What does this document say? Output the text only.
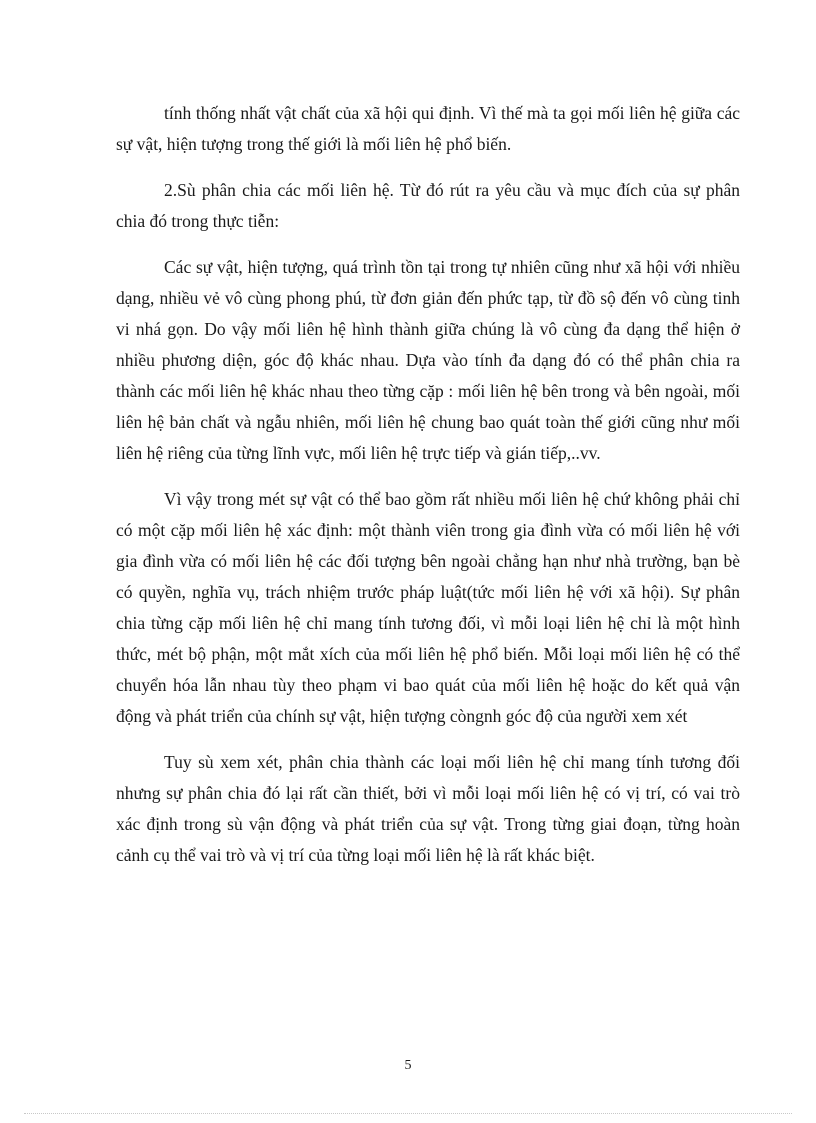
tính thống nhất vật chất của xã hội qui định. Vì thế mà ta gọi mối liên hệ giữa các sự vật, hiện tượng trong thế giới là mối liên hệ phổ biến.

2.Sù phân chia các mối liên hệ. Từ đó rút ra yêu cầu và mục đích của sự phân chia đó trong thực tiễn:

Các sự vật, hiện tượng, quá trình tồn tại trong tự nhiên cũng như xã hội với nhiều dạng, nhiều vẻ vô cùng phong phú, từ đơn giản đến phức tạp, từ đồ sộ đến vô cùng tinh vi nhá gọn. Do vậy mối liên hệ hình thành giữa chúng là vô cùng đa dạng thể hiện ở nhiều phương diện, góc độ khác nhau. Dựa vào tính đa dạng đó có thể phân chia ra thành các mối liên hệ khác nhau theo từng cặp : mối liên hệ bên trong và bên ngoài, mối liên hệ bản chất và ngẫu nhiên, mối liên hệ chung bao quát toàn thế giới cũng như mối liên hệ riêng của từng lĩnh vực, mối liên hệ trực tiếp và gián tiếp,..vv.

Vì vậy trong mét sự vật có thể bao gồm rất nhiều mối liên hệ chứ không phải chỉ có một cặp mối liên hệ xác định: một thành viên trong gia đình vừa có mối liên hệ với gia đình vừa có mối liên hệ các đối tượng bên ngoài chẳng hạn như nhà trường, bạn bè có quyền, nghĩa vụ, trách nhiệm trước pháp luật(tức mối liên hệ với xã hội). Sự phân chia từng cặp mối liên hệ chỉ mang tính tương đối, vì mỗi loại liên hệ chỉ là một hình thức, mét bộ phận, một mắt xích của mối liên hệ phổ biến. Mỗi loại mối liên hệ có thể chuyển hóa lẫn nhau tùy theo phạm vi bao quát của mối liên hệ hoặc do kết quả vận động và phát triển của chính sự vật, hiện tượng còngnh góc độ của người xem xét

Tuy sù xem xét, phân chia thành các loại mối liên hệ chỉ mang tính tương đối nhưng sự phân chia đó lại rất cần thiết, bởi vì mỗi loại mối liên hệ có vị trí, có vai trò xác định trong sù vận động và phát triển của sự vật. Trong từng giai đoạn, từng hoàn cảnh cụ thể vai trò và vị trí của từng loại mối liên hệ là rất khác biệt.

5
